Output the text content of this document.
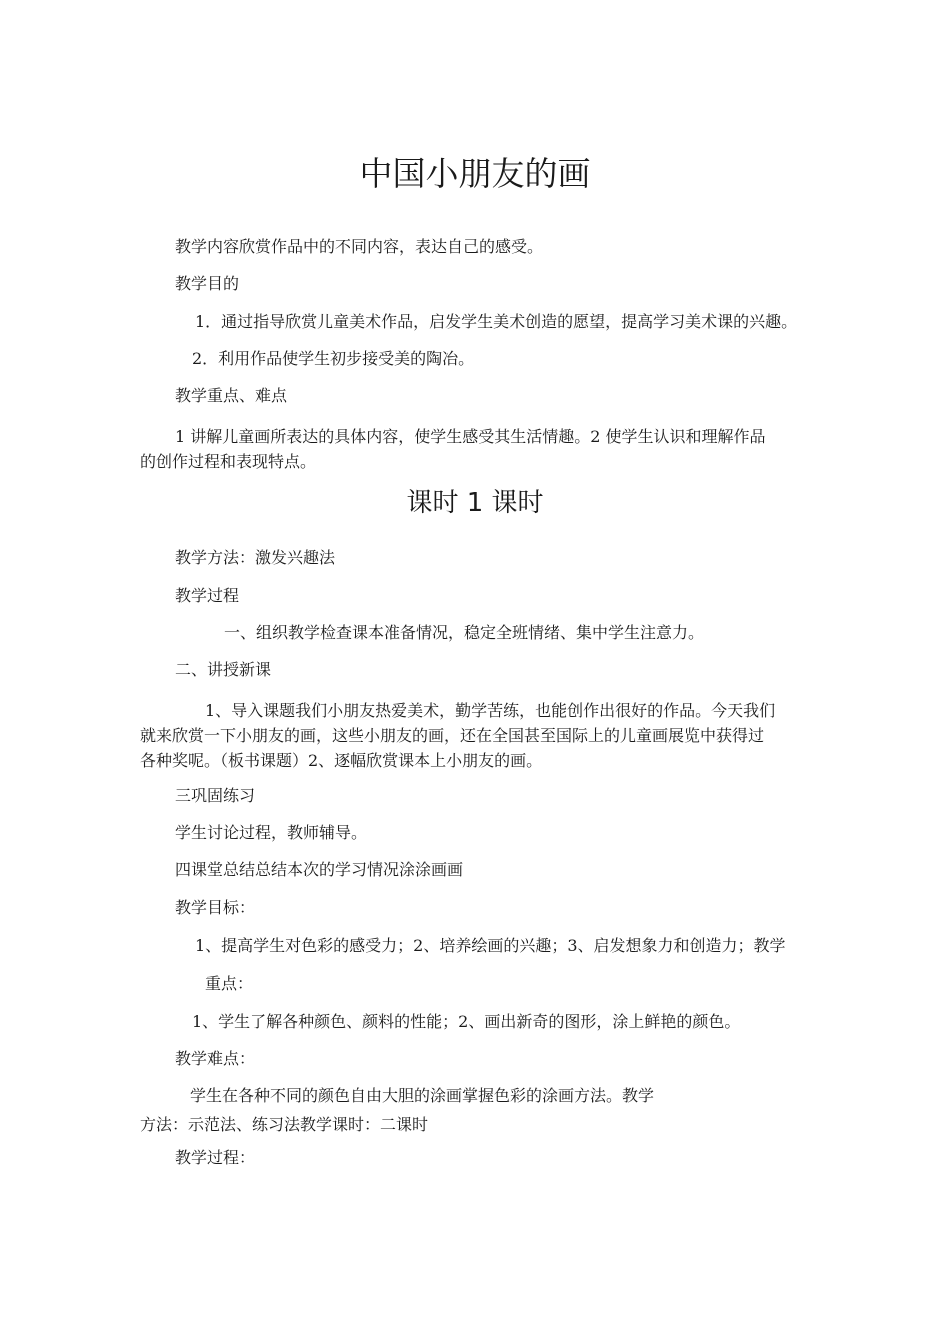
中国小朋友的画
教学内容欣赏作品中的不同内容，表达自己的感受。
教学目的
1．通过指导欣赏儿童美术作品，启发学生美术创造的愿望，提高学习美术课的兴趣。
2．利用作品使学生初步接受美的陶冶。
教学重点、难点
1 讲解儿童画所表达的具体内容，使学生感受其生活情趣。2 使学生认识和理解作品
的创作过程和表现特点。
课时 1 课时
教学方法：激发兴趣法
教学过程
一、组织教学检查课本准备情况，稳定全班情绪、集中学生注意力。
二、讲授新课
1、导入课题我们小朋友热爱美术，勤学苦练，也能创作出很好的作品。今天我们
就来欣赏一下小朋友的画，这些小朋友的画，还在全国甚至国际上的儿童画展览中获得过
各种奖呢。（板书课题）2、逐幅欣赏课本上小朋友的画。
三巩固练习
学生讨论过程，教师辅导。
四课堂总结总结本次的学习情况涂涂画画
教学目标：
1、提高学生对色彩的感受力；2、培养绘画的兴趣；3、启发想象力和创造力；教学
重点：
1、学生了解各种颜色、颜料的性能；2、画出新奇的图形，涂上鲜艳的颜色。
教学难点：
学生在各种不同的颜色自由大胆的涂画掌握色彩的涂画方法。教学
方法：示范法、练习法教学课时：二课时
教学过程：
